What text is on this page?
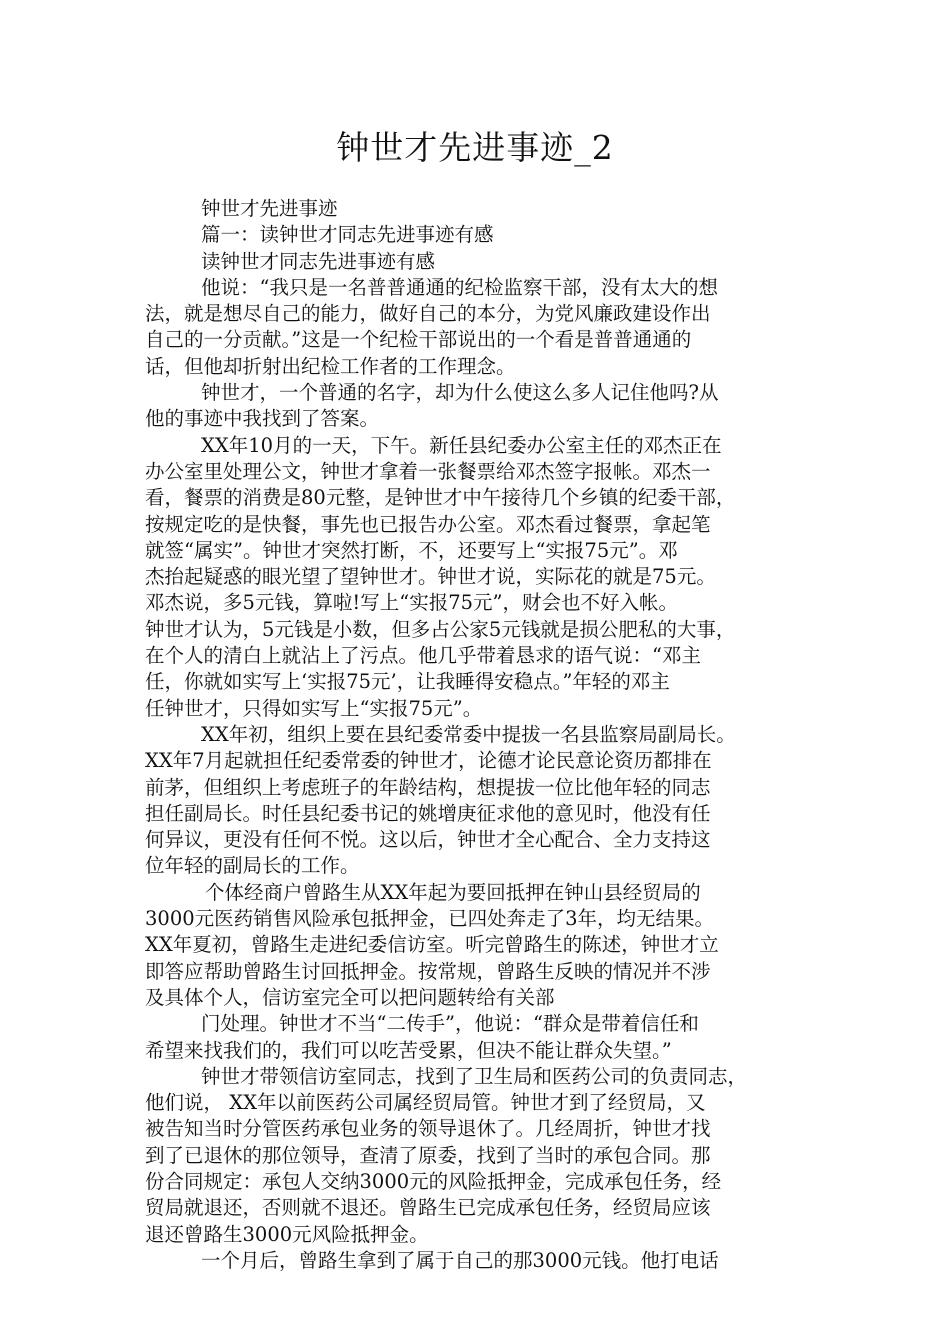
钟世才先进事迹_2
钟世才先进事迹
篇一：读钟世才同志先进事迹有感
读钟世才同志先进事迹有感
他说：“我只是一名普普通通的纪检监察干部，没有太大的想
法，就是想尽自己的能力，做好自己的本分，为党风廉政建设作出
自己的一分贡献。”这是一个纪检干部说出的一个看是普普通通的
话，但他却折射出纪检工作者的工作理念。
钟世才，一个普通的名字，却为什么使这么多人记住他吗?从
他的事迹中我找到了答案。
XX年10月的一天，下午。新任县纪委办公室主任的邓杰正在
办公室里处理公文，钟世才拿着一张餐票给邓杰签字报帐。邓杰一
看，餐票的消费是80元整，是钟世才中午接待几个乡镇的纪委干部，
按规定吃的是快餐，事先也已报告办公室。邓杰看过餐票，拿起笔
就签“属实”。钟世才突然打断，不，还要写上“实报75元”。邓
杰抬起疑惑的眼光望了望钟世才。钟世才说，实际花的就是75元。
邓杰说，多5元钱，算啦!写上“实报75元”，财会也不好入帐。
钟世才认为，5元钱是小数，但多占公家5元钱就是损公肥私的大事，
在个人的清白上就沾上了污点。他几乎带着恳求的语气说：“邓主
任，你就如实写上‘实报75元’，让我睡得安稳点。”年轻的邓主
任钟世才，只得如实写上“实报75元”。
XX年初，组织上要在县纪委常委中提拔一名县监察局副局长。
XX年7月起就担任纪委常委的钟世才，论德才论民意论资历都排在
前茅，但组织上考虑班子的年龄结构，想提拔一位比他年轻的同志
担任副局长。时任县纪委书记的姚增庚征求他的意见时，他没有任
何异议，更没有任何不悦。这以后，钟世才全心配合、全力支持这
位年轻的副局长的工作。
个体经商户曾路生从XX年起为要回抵押在钟山县经贸局的
3000元医药销售风险承包抵押金，已四处奔走了3年，均无结果。
XX年夏初，曾路生走进纪委信访室。听完曾路生的陈述，钟世才立
即答应帮助曾路生讨回抵押金。按常规，曾路生反映的情况并不涉
及具体个人，信访室完全可以把问题转给有关部
门处理。钟世才不当“二传手”，他说：“群众是带着信任和
希望来找我们的，我们可以吃苦受累，但决不能让群众失望。”
钟世才带领信访室同志，找到了卫生局和医药公司的负责同志，
他们说， XX年以前医药公司属经贸局管。钟世才到了经贸局，又
被告知当时分管医药承包业务的领导退休了。几经周折，钟世才找
到了已退休的那位领导，查清了原委，找到了当时的承包合同。那
份合同规定：承包人交纳3000元的风险抵押金，完成承包任务，经
贸局就退还，否则就不退还。曾路生已完成承包任务，经贸局应该
退还曾路生3000元风险抵押金。
一个月后，曾路生拿到了属于自己的那3000元钱。他打电话
